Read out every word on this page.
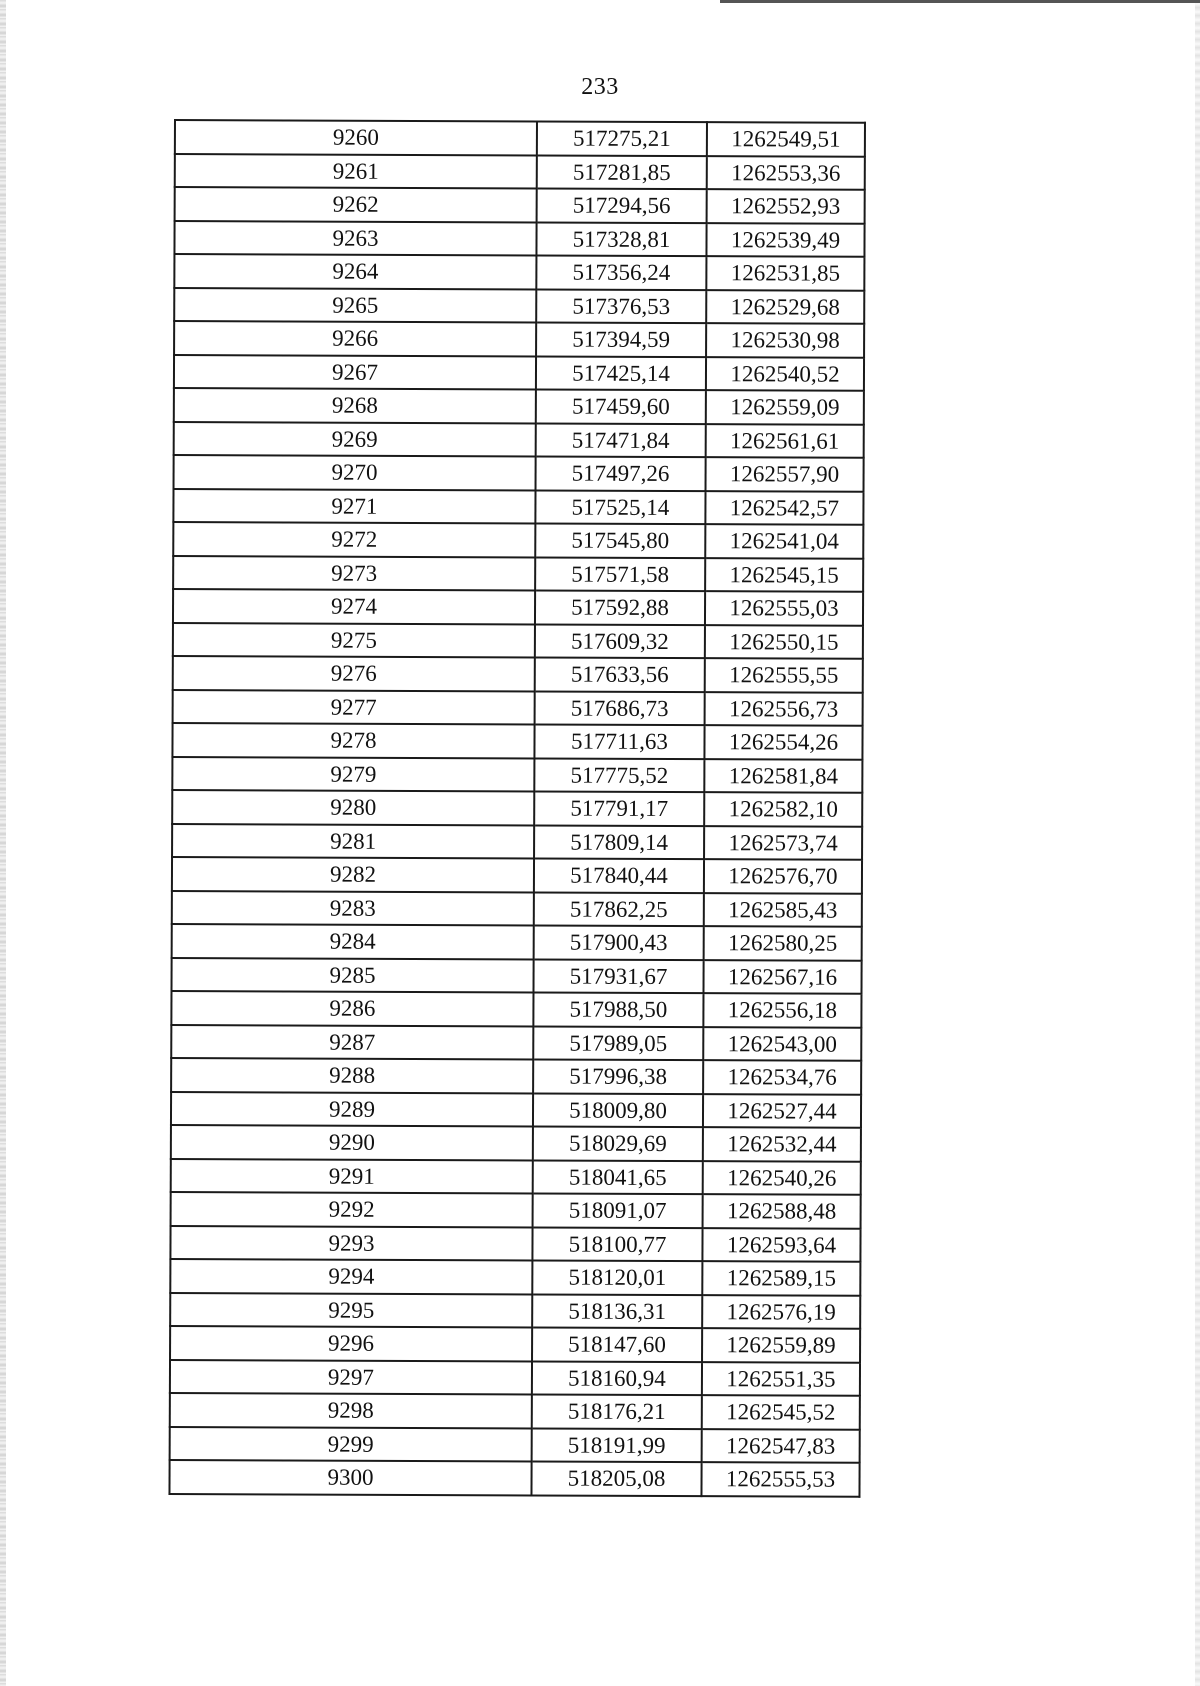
233
9260	517275,21	1262549,51
9261	517281,85	1262553,36
9262	517294,56	1262552,93
9263	517328,81	1262539,49
9264	517356,24	1262531,85
9265	517376,53	1262529,68
9266	517394,59	1262530,98
9267	517425,14	1262540,52
9268	517459,60	1262559,09
9269	517471,84	1262561,61
9270	517497,26	1262557,90
9271	517525,14	1262542,57
9272	517545,80	1262541,04
9273	517571,58	1262545,15
9274	517592,88	1262555,03
9275	517609,32	1262550,15
9276	517633,56	1262555,55
9277	517686,73	1262556,73
9278	517711,63	1262554,26
9279	517775,52	1262581,84
9280	517791,17	1262582,10
9281	517809,14	1262573,74
9282	517840,44	1262576,70
9283	517862,25	1262585,43
9284	517900,43	1262580,25
9285	517931,67	1262567,16
9286	517988,50	1262556,18
9287	517989,05	1262543,00
9288	517996,38	1262534,76
9289	518009,80	1262527,44
9290	518029,69	1262532,44
9291	518041,65	1262540,26
9292	518091,07	1262588,48
9293	518100,77	1262593,64
9294	518120,01	1262589,15
9295	518136,31	1262576,19
9296	518147,60	1262559,89
9297	518160,94	1262551,35
9298	518176,21	1262545,52
9299	518191,99	1262547,83
9300	518205,08	1262555,53
